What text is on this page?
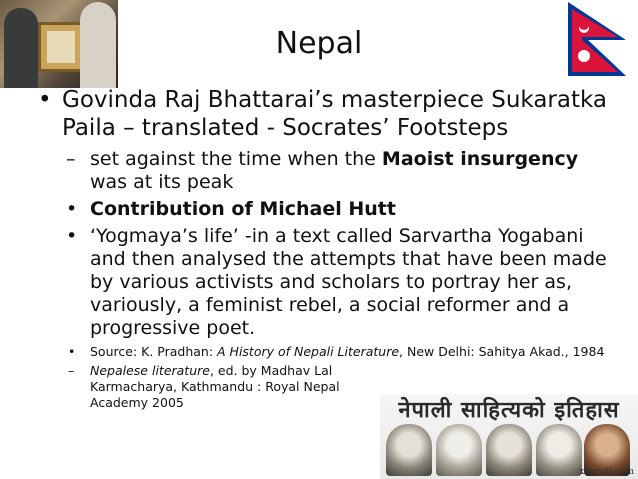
Nepal
• Govinda Raj Bhattarai’s masterpiece Sukaratka Paila – translated - Socrates’ Footsteps
– set against the time when the Maoist insurgency was at its peak
• Contribution of Michael Hutt
• ‘Yogmaya’s life’ -in a text called Sarvartha Yogabani and then analysed the attempts that have been made by various activists and scholars to portray her as, variously, a feminist rebel, a social reformer and a progressive poet.
• Source: K. Pradhan: A History of Nepali Literature, New Delhi: Sahitya Akad., 1984
– Nepalese literature, ed. by Madhav Lal Karmacharya, Kathmandu : Royal Nepal Academy 2005	नेपाली साहित्यको इतिहास
xnepali.com
